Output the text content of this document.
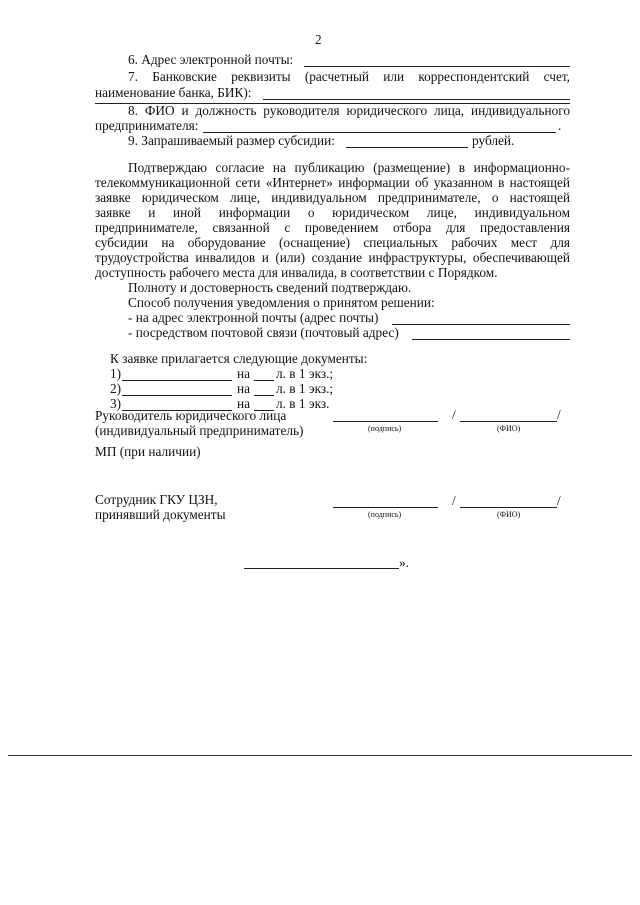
2
6. Адрес электронной почты:
7. Банковские реквизиты (расчетный или корреспондентский счет,
наименование банка, БИК):
8. ФИО и должность руководителя юридического лица, индивидуального
предпринимателя:	.
9. Запрашиваемый размер субсидии:	рублей.
Подтверждаю согласие на публикацию (размещение) в информационно-
телекоммуникационной сети «Интернет» информации об указанном в настоящей
заявке юридическом лице, индивидуальном предпринимателе, о настоящей
заявке и иной информации о юридическом лице, индивидуальном
предпринимателе, связанной с проведением отбора для предоставления
субсидии на оборудование (оснащение) специальных рабочих мест для
трудоустройства инвалидов и (или) создание инфраструктуры, обеспечивающей
доступность рабочего места для инвалида, в соответствии с Порядком.
Полноту и достоверность сведений подтверждаю.
Способ получения уведомления о принятом решении:
- на адрес электронной почты (адрес почты)
- посредством почтовой связи (почтовый адрес)
К заявке прилагается следующие документы:
1)	на л. в 1 экз.;
2)	на л. в 1 экз.;
3)	на л. в 1 экз.
Руководитель юридического лица
(индивидуальный предприниматель)
/	/
(подпись)	(ФИО)
МП (при наличии)
Сотрудник ГКУ ЦЗН,
принявший документы
/	/
(подпись)	(ФИО)
».
